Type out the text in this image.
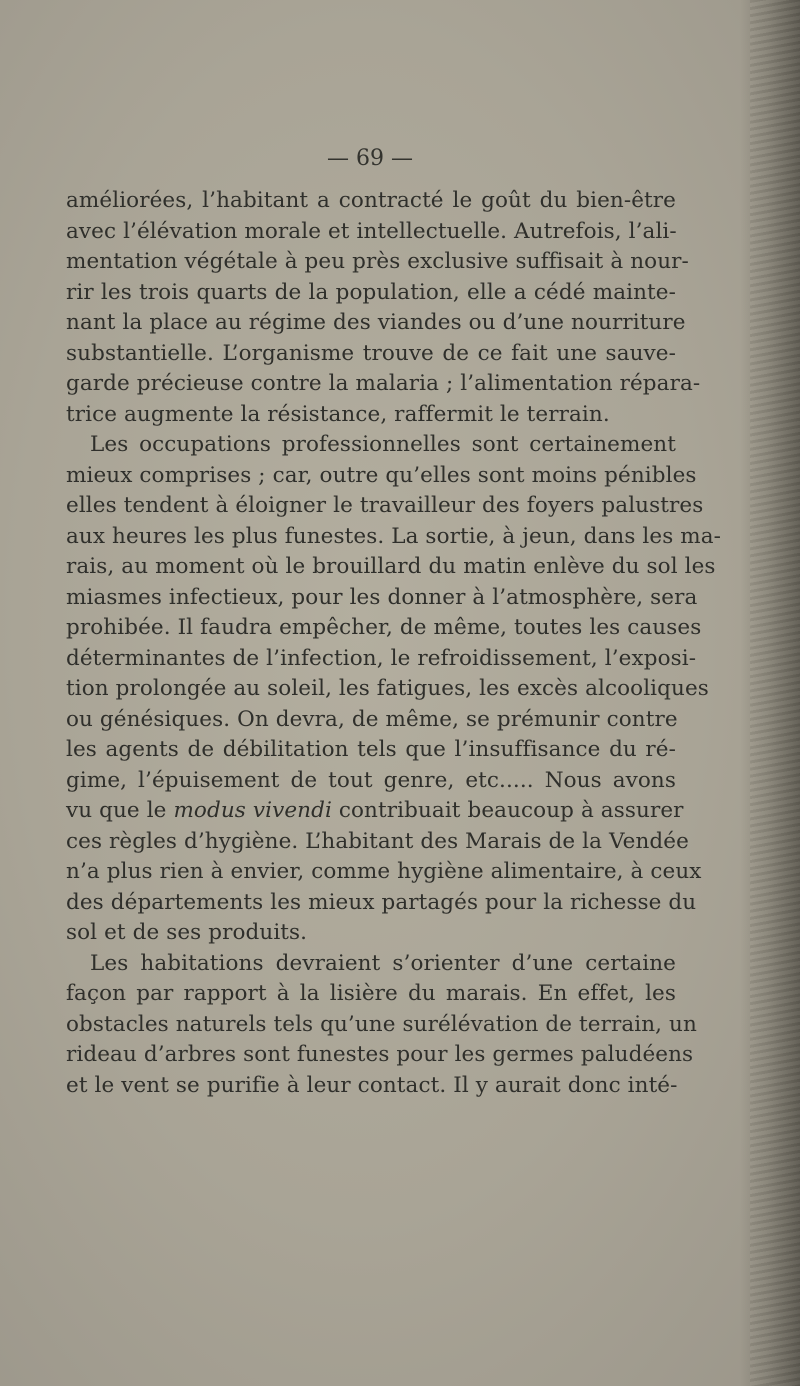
— 69 —
améliorées, l’habitant a contracté le goût du bien-être
avec l’élévation morale et intellectuelle. Autrefois, l’ali-
mentation végétale à peu près exclusive suffisait à nour-
rir les trois quarts de la population, elle a cédé mainte-
nant la place au régime des viandes ou d’une nourriture
substantielle. L’organisme trouve de ce fait une sauve-
garde précieuse contre la malaria ; l’alimentation répara-
trice augmente la résistance, raffermit le terrain.
Les occupations professionnelles sont certainement
mieux comprises ; car, outre qu’elles sont moins pénibles
elles tendent à éloigner le travailleur des foyers palustres
aux heures les plus funestes. La sortie, à jeun, dans les ma-
rais, au moment où le brouillard du matin enlève du sol les
miasmes infectieux, pour les donner à l’atmosphère, sera
prohibée. Il faudra empêcher, de même, toutes les causes
déterminantes de l’infection, le refroidissement, l’exposi-
tion prolongée au soleil, les fatigues, les excès alcooliques
ou génésiques. On devra, de même, se prémunir contre
les agents de débilitation tels que l’insuffisance du ré-
gime, l’épuisement de tout genre, etc..... Nous avons
vu que le modus vivendi contribuait beaucoup à assurer
ces règles d’hygiène. L’habitant des Marais de la Vendée
n’a plus rien à envier, comme hygiène alimentaire, à ceux
des départements les mieux partagés pour la richesse du
sol et de ses produits.
Les habitations devraient s’orienter d’une certaine
façon par rapport à la lisière du marais. En effet, les
obstacles naturels tels qu’une surélévation de terrain, un
rideau d’arbres sont funestes pour les germes paludéens
et le vent se purifie à leur contact. Il y aurait donc inté-
